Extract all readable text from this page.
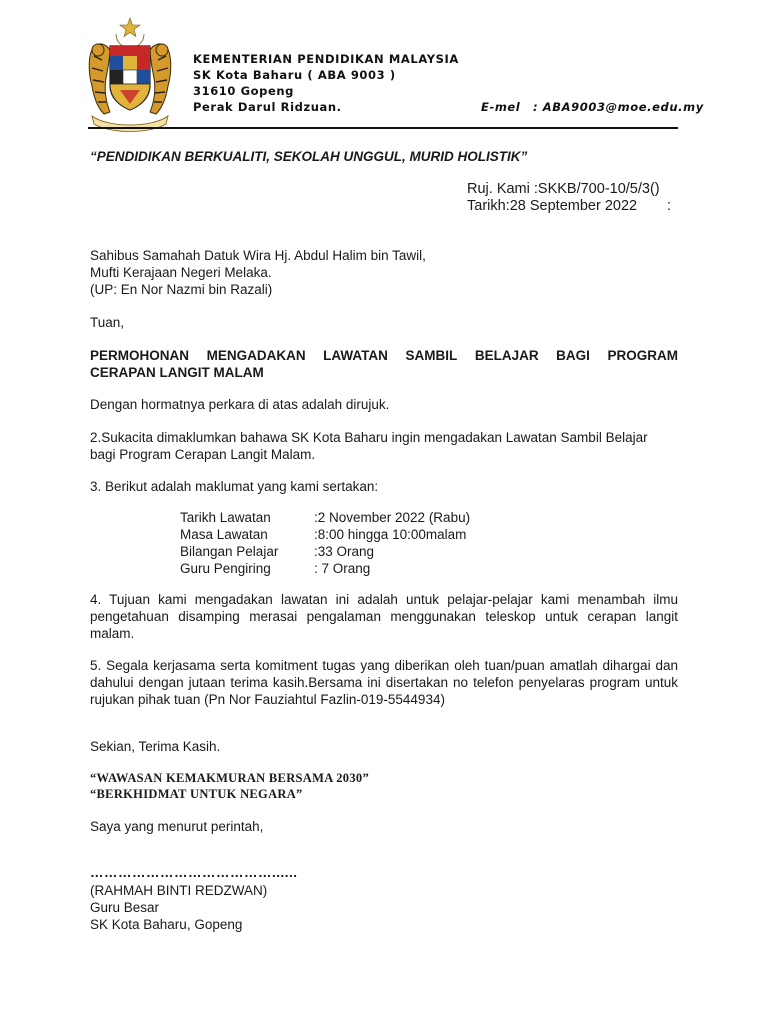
KEMENTERIAN PENDIDIKAN MALAYSIA
SK Kota Baharu ( ABA 9003 )
31610 Gopeng
Perak Darul Ridzuan.	E-mel : ABA9003@moe.edu.my
“PENDIDIKAN BERKUALITI, SEKOLAH UNGGUL, MURID HOLISTIK”
Ruj. Kami :SKKB/700-10/5/3()
Tarikh:28 September 2022 :
Sahibus Samahah Datuk Wira Hj. Abdul Halim bin Tawil,
Mufti Kerajaan Negeri Melaka.
(UP: En Nor Nazmi bin Razali)
Tuan,
PERMOHONAN MENGADAKAN LAWATAN SAMBIL BELAJAR BAGI PROGRAM
CERAPAN LANGIT MALAM
Dengan hormatnya perkara di atas adalah dirujuk.
2.Sukacita dimaklumkan bahawa SK Kota Baharu ingin mengadakan Lawatan Sambil Belajar bagi Program Cerapan Langit Malam.
3. Berikut adalah maklumat yang kami sertakan:
Tarikh Lawatan	:2 November 2022 (Rabu)
Masa Lawatan	:8:00 hingga 10:00malam
Bilangan Pelajar	:33 Orang
Guru Pengiring	: 7 Orang
4. Tujuan kami mengadakan lawatan ini adalah untuk pelajar-pelajar kami menambah ilmu pengetahuan disamping merasai pengalaman menggunakan teleskop untuk cerapan langit malam.
5. Segala kerjasama serta komitment tugas yang diberikan oleh tuan/puan amatlah dihargai dan dahului dengan jutaan terima kasih.Bersama ini disertakan no telefon penyelaras program untuk rujukan pihak tuan (Pn Nor Fauziahtul Fazlin-019-5544934)
Sekian, Terima Kasih.
“WAWASAN KEMAKMURAN BERSAMA 2030”
“BERKHIDMAT UNTUK NEGARA”
Saya yang menurut perintah,
…………………………………......
(RAHMAH BINTI REDZWAN)
Guru Besar
SK Kota Baharu, Gopeng
